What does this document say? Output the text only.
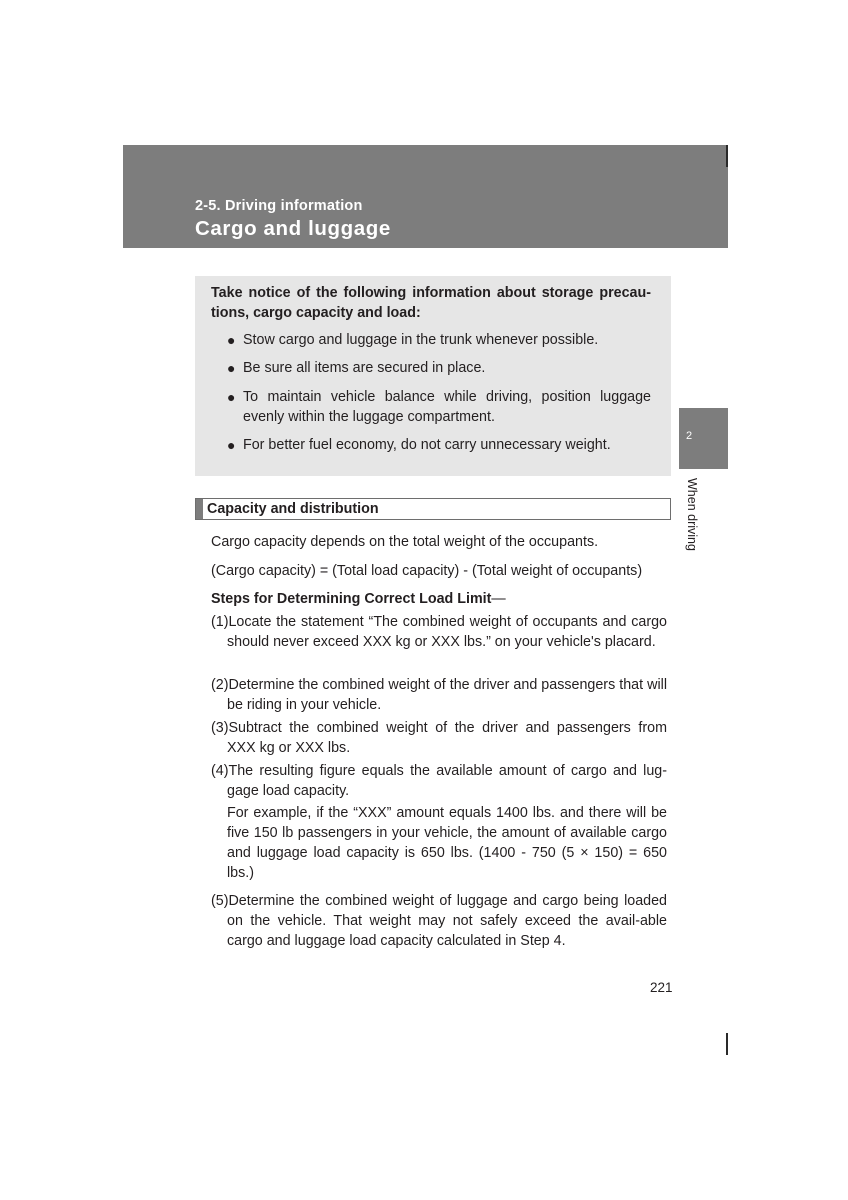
2-5. Driving information
Cargo and luggage
Take notice of the following information about storage precau-tions, cargo capacity and load:
● Stow cargo and luggage in the trunk whenever possible.
● Be sure all items are secured in place.
● To maintain vehicle balance while driving, position luggage evenly within the luggage compartment.
● For better fuel economy, do not carry unnecessary weight.
2
When driving
Capacity and distribution
Cargo capacity depends on the total weight of the occupants.
(Cargo capacity) = (Total load capacity) - (Total weight of occupants)
Steps for Determining Correct Load Limit—
(1)Locate the statement “The combined weight of occupants and cargo should never exceed XXX kg or XXX lbs.” on your vehicle's placard.
(2)Determine the combined weight of the driver and passengers that will be riding in your vehicle.
(3)Subtract the combined weight of the driver and passengers from XXX kg or XXX lbs.
(4)The resulting figure equals the available amount of cargo and lug-gage load capacity.
For example, if the “XXX” amount equals 1400 lbs. and there will be five 150 lb passengers in your vehicle, the amount of available cargo and luggage load capacity is 650 lbs. (1400 - 750 (5 × 150) = 650 lbs.)
(5)Determine the combined weight of luggage and cargo being loaded on the vehicle. That weight may not safely exceed the avail-able cargo and luggage load capacity calculated in Step 4.
221
